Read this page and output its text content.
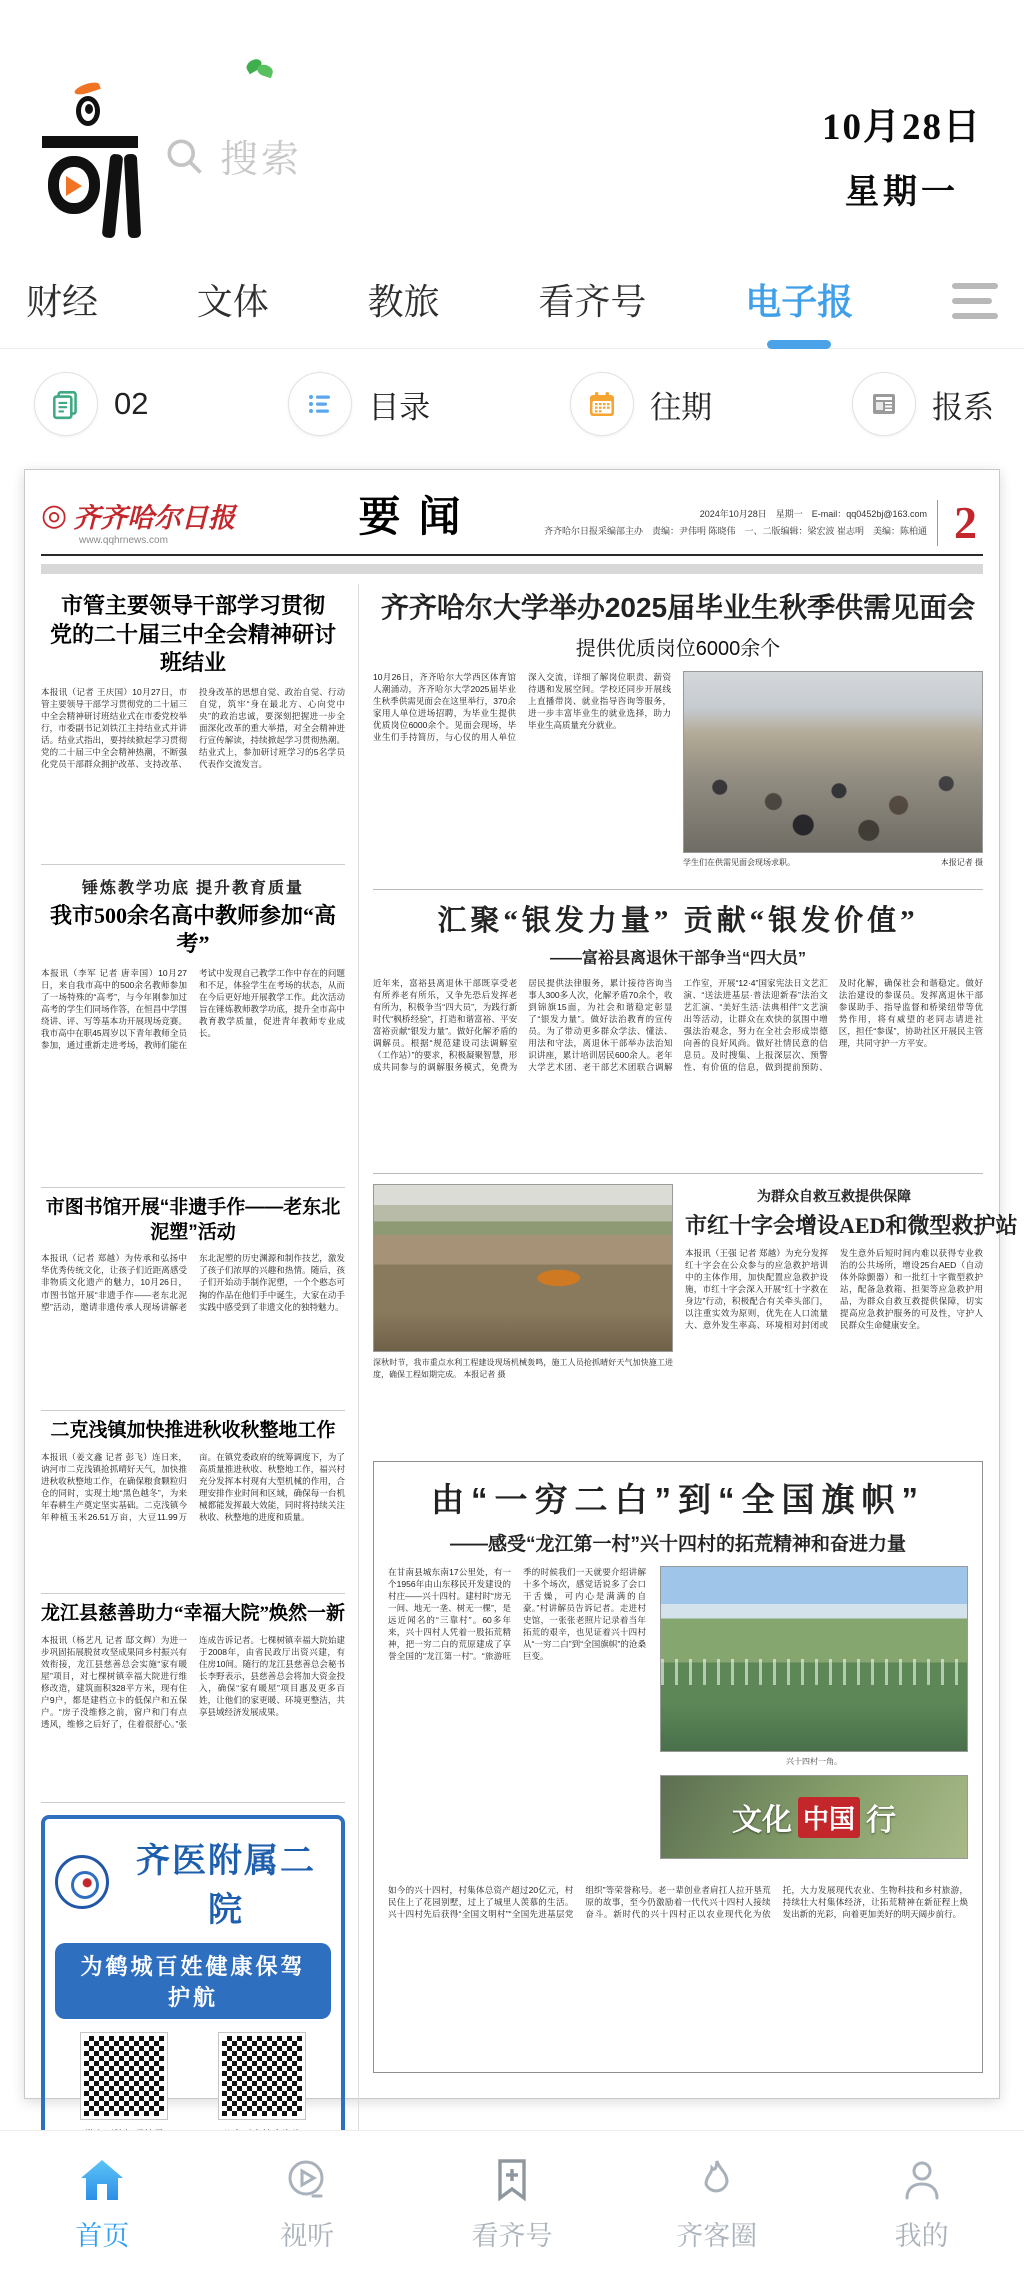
搜索
10月28日
星期一
财经	文体	教旅	看齐号	电子报
02	目录	往期	报系
◎ 齐齐哈尔日报
www.qqhrnews.com	要闻	2024年10月28日　星期一　E-mail：qq0452bj@163.com
齐齐哈尔日报采编部主办　责编：尹伟明 陈晓伟　一、二版编辑：梁宏波 崔志明　美编：陈柏通 2
市管主要领导干部学习贯彻
党的二十届三中全会精神研讨班结业
本报讯（记者 王庆国）10月27日，市管主要领导干部学习贯彻党的二十届三中全会精神研讨班结业式在市委党校举行，市委副书记刘铁江主持结业式并讲话。结业式指出，要持续掀起学习贯彻党的二十届三中全会精神热潮，不断强化党员干部群众拥护改革、支持改革、投身改革的思想自觉、政治自觉、行动自觉，筑牢“身在最北方、心向党中央”的政治忠诚，要深刻把握进一步全面深化改革的重大举措，对全会精神进行宣传解读，持续掀起学习贯彻热潮。结业式上，参加研讨班学习的5名学员代表作交流发言。
锤炼教学功底 提升教育质量
我市500余名高中教师参加“高考”
本报讯（李军 记者 唐幸国）10月27日，来自我市高中的500余名教师参加了一场特殊的“高考”，与今年刚参加过高考的学生们同场作答，在恒昌中学围绕讲、评、写等基本功开展现场竞赛。我市高中在职45周岁以下青年教师全员参加，通过重新走进考场，教师们能在考试中发现自己教学工作中存在的问题和不足，体验学生在考场的状态，从而在今后更好地开展教学工作。此次活动旨在锤炼教师教学功底，提升全市高中教育教学质量，促进青年教师专业成长。
市图书馆开展“非遗手作——老东北泥塑”活动
本报讯（记者 郑越）为传承和弘扬中华优秀传统文化，让孩子们近距离感受非物质文化遗产的魅力，10月26日，市图书馆开展“非遗手作——老东北泥塑”活动，邀请非遗传承人现场讲解老东北泥塑的历史渊源和制作技艺，激发了孩子们浓厚的兴趣和热情。随后，孩子们开始动手制作泥塑，一个个憨态可掬的作品在他们手中诞生，大家在动手实践中感受到了非遗文化的独特魅力。
二克浅镇加快推进秋收秋整地工作
本报讯（姜文鑫 记者 彭飞）连日来，讷河市二克浅镇抢抓晴好天气，加快推进秋收秋整地工作，在确保粮食颗粒归仓的同时，实现土地“黑色越冬”，为来年春耕生产奠定坚实基础。二克浅镇今年种植玉米26.51万亩，大豆11.99万亩。在镇党委政府的统筹调度下，为了高质量推进秋收、秋整地工作，福兴村充分发挥本村现有大型机械的作用，合理安排作业时间和区域，确保每一台机械都能发挥最大效能，同时将持续关注秋收、秋整地的进度和质量。
龙江县慈善助力“幸福大院”焕然一新
本报讯（杨艺凡 记者 邸文辉）为进一步巩固拓展脱贫攻坚成果同乡村振兴有效衔接，龙江县慈善总会实施“家有暖屋”项目，对七棵树镇幸福大院进行维修改造，建筑面积328平方米，现有住户9户，都是建档立卡的低保户和五保户。“房子没维修之前，窗户和门有点透风，维修之后好了，住着很舒心。”张连成告诉记者。七棵树镇幸福大院始建于2008年，由省民政厅出资兴建，有住房10间。随行的龙江县慈善总会秘书长李野表示，县慈善总会将加大资金投入，确保“家有暖屋”项目惠及更多百姓，让他们的家更暖、环境更整洁，共享县域经济发展成果。
齐医附属二院
为鹤城百姓健康保驾护航
齐齐哈尔大学举办2025届毕业生秋季供需见面会
提供优质岗位6000余个
10月26日，齐齐哈尔大学西区体育馆人潮涌动，齐齐哈尔大学2025届毕业生秋季供需见面会在这里举行，370余家用人单位进场招聘，为毕业生提供优质岗位6000余个。见面会现场，毕业生们手持简历，与心仪的用人单位深入交流，详细了解岗位职责、薪资待遇和发展空间。学校还同步开展线上直播带岗、就业指导咨询等服务，进一步丰富毕业生的就业选择，助力毕业生高质量充分就业。
学生们在供需见面会现场求职。	本报记者 摄
汇聚“银发力量” 贡献“银发价值”
——富裕县离退休干部争当“四大员”
近年来，富裕县离退休干部既享受老有所养老有所乐，又争先恐后发挥老有所为，积极争当“四大员”，为践行新时代“枫桥经验”，打造和谐富裕、平安富裕贡献“银发力量”。做好化解矛盾的调解员。根据“规范建设司法调解室（工作站）”的要求，积极凝聚智慧，形成共同参与的调解服务模式，免费为居民提供法律服务，累计接待咨询当事人300多人次，化解矛盾70余个，收到锦旗15面，为社会和谐稳定彰显了“银发力量”。做好法治教育的宣传员。为了带动更多群众学法、懂法、用法和守法，离退休干部举办法治知识讲座，累计培训居民600余人。老年大学艺术团、老干部艺术团联合调解工作室，开展“12·4”国家宪法日文艺汇演、“送法进基层·普法迎新春”法治文艺汇演、“美好生活·法典相伴”文艺演出等活动，让群众在欢快的氛围中增强法治观念，努力在全社会形成崇德向善的良好风尚。做好社情民意的信息员。及时搜集、上报深层次、预警性、有价值的信息，做到提前预防、及时化解，确保社会和谐稳定。做好法治建设的参谋员。发挥离退休干部参谋助手、指导监督和桥梁纽带等优势作用，将有威望的老同志请进社区，担任“参谋”，协助社区开展民主管理，共同守护一方平安。
深秋时节，我市重点水利工程建设现场机械轰鸣，施工人员抢抓晴好天气加快施工进度，确保工程如期完成。 本报记者 摄
为群众自救互救提供保障
市红十字会增设AED和微型救护站
本报讯（王强 记者 郑越）为充分发挥红十字会在公众参与的应急救护培训中的主体作用，加快配置应急救护设施，市红十字会深入开展“红十字救在身边”行动，积极配合有关牵头部门，以注重实效为原则，优先在人口流量大、意外发生率高、环境相对封闭或发生意外后短时间内难以获得专业救治的公共场所，增设25台AED（自动体外除颤器）和一批红十字微型救护站，配备急救箱、担架等应急救护用品，为群众自救互救提供保障，切实提高应急救护服务的可及性，守护人民群众生命健康安全。
由“一穷二白”到“全国旗帜”
——感受“龙江第一村”兴十四村的拓荒精神和奋进力量
在甘南县城东南17公里处，有一个1956年由山东移民开发建设的村庄——兴十四村。建村时“房无一间、地无一垄、树无一棵”，是远近闻名的“三靠村”。60多年来，兴十四村人凭着一股拓荒精神，把一穷二白的荒原建成了享誉全国的“龙江第一村”。“旅游旺季的时候我们一天就要介绍讲解十多个场次，感觉话说多了会口干舌燥，可内心是满满的自豪。”村讲解员告诉记者。走进村史馆，一张张老照片记录着当年拓荒的艰辛，也见证着兴十四村从“一穷二白”到“全国旗帜”的沧桑巨变。
兴十四村一角。
文化 中国 行
如今的兴十四村，村集体总资产超过20亿元，村民住上了花园别墅，过上了城里人羡慕的生活。兴十四村先后获得“全国文明村”“全国先进基层党组织”等荣誉称号。老一辈创业者肩扛人拉开垦荒原的故事，至今仍激励着一代代兴十四村人接续奋斗。新时代的兴十四村正以农业现代化为依托，大力发展现代农业、生物科技和乡村旅游，持续壮大村集体经济，让拓荒精神在新征程上焕发出新的光彩，向着更加美好的明天阔步前行。
首页	视听	看齐号	齐客圈	我的
